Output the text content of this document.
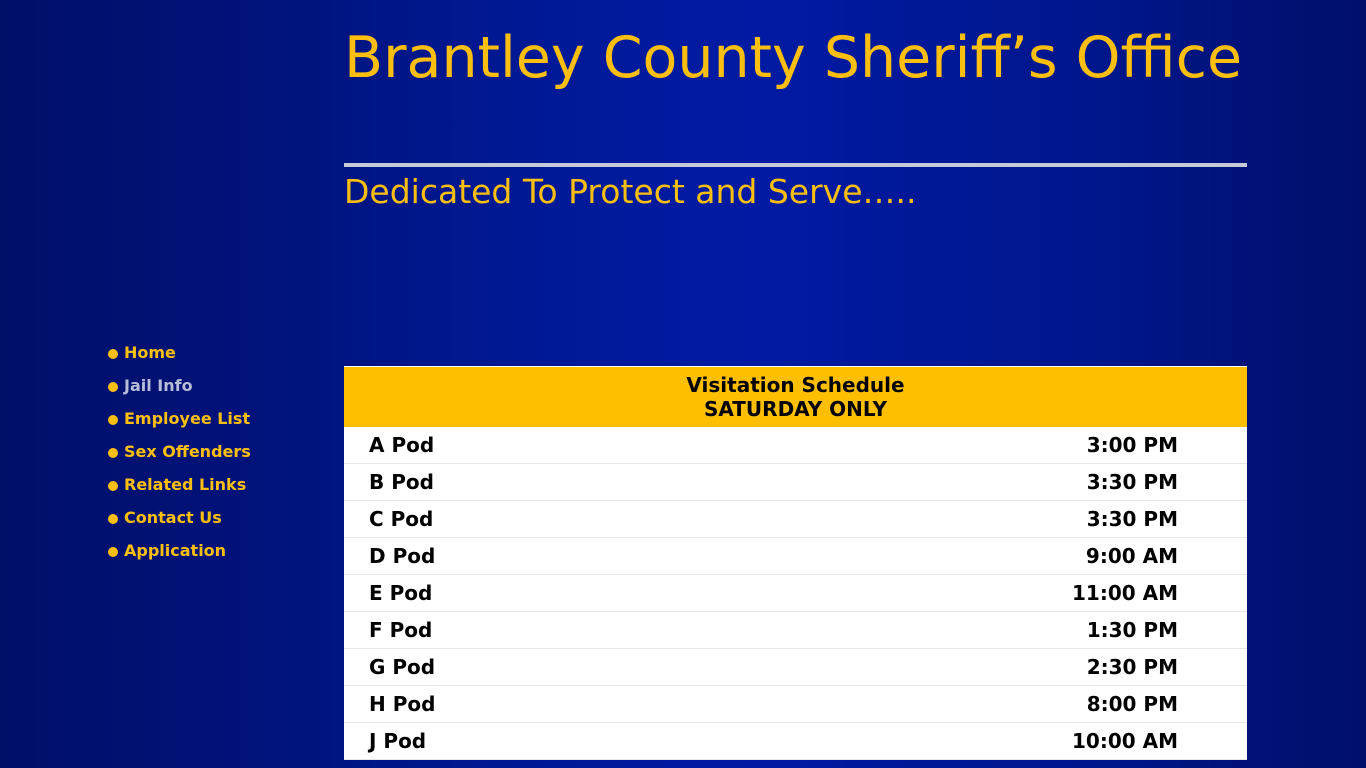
Brantley County Sheriff’s Office

Dedicated To Protect and Serve…..

Home
Jail Info
Employee List
Sex Offenders
Related Links
Contact Us
Application
Visitation Schedule
SATURDAY ONLY	

A Pod	3:00 PM
B Pod	3:30 PM
C Pod	3:30 PM
D Pod	9:00 AM
E Pod	11:00 AM
F Pod	1:30 PM
G Pod	2:30 PM
H Pod	8:00 PM
J Pod	10:00 AM
